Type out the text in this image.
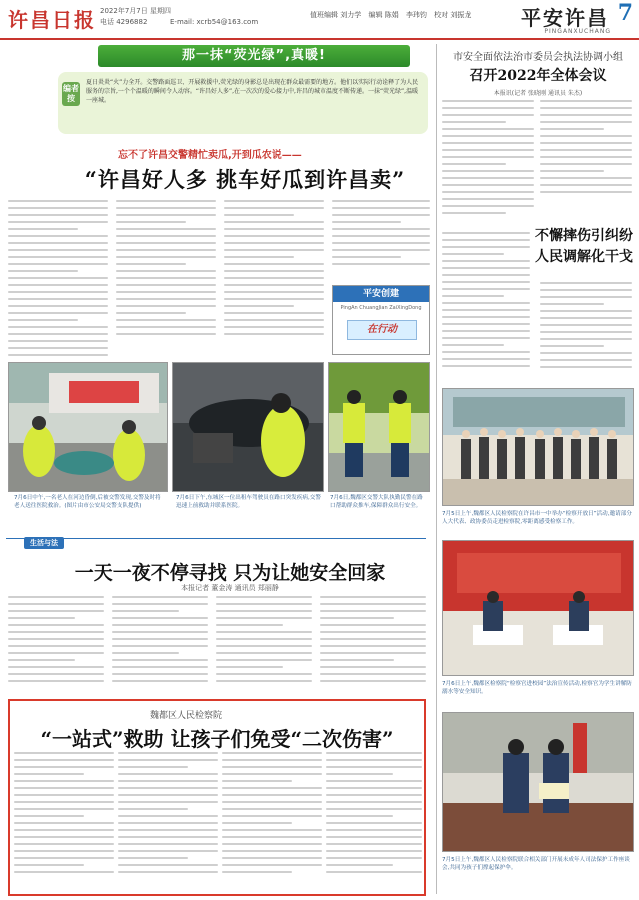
许昌日报 2022年7月7日 星期四
电话 4296882	E-mail: xcrb54@163.com
值班编辑 刘力学 编辑 陈娟 李玮钧 校对 刘振龙 平安许昌 7
PINGANXUCHANG
那一抹“荧光绿”,真暖!
编者按
夏日炎炎“火”力全开。交警路面巡卫、开展救援中,荧光绿的身影总是出现在群众最需要的地方。他们以实际行动诠释了为人民服务的宗旨,一个个温暖的瞬间令人动容。“许昌好人多”,在一次次的爱心接力中,许昌的城市温度不断传递。一抹“荧光绿”,温暖一座城。
忘不了许昌交警精忙卖瓜,开到瓜农说——
“许昌好人多 挑车好瓜到许昌卖”
平安创建
PingAn ChuangJian ZaiXingDong
在行动
7月6日中午,一名老人在河边昏倒,后被交警发现,交警及时将老人送往医院救治。(图片由市公安局交警支队提供)
7月6日下午,东城区一位出租车驾驶员在路口突发疾病,交警迅速上前救助并联系医院。
7月6日,魏都区交警大队执勤民警在路口帮助群众推车,保障群众出行安全。
市安全面依法治市委员会执法协调小组
召开2022年全体会议
本报讯(记者 张晓刚 通讯员 朱杰)
不懈摔伤引纠纷
人民调解化干戈
7月5日上午,魏都区人民检察院在许昌市一中举办“检察开放日”活动,邀请部分人大代表、政协委员走进检察院,零距离感受检察工作。
7月6日上午,魏都区检察院“检察官进校园”法治宣传活动,检察官为学生讲解防溺水等安全知识。
7月5日上午,魏都区人民检察院联合相关部门开展未成年人司法保护工作座谈会,共同为孩子们撑起保护伞。
生活与法
一天一夜不停寻找 只为让她安全回家
本报记者 董金涛 通讯员 郑丽静
魏都区人民检察院
“一站式”救助 让孩子们免受“二次伤害”
